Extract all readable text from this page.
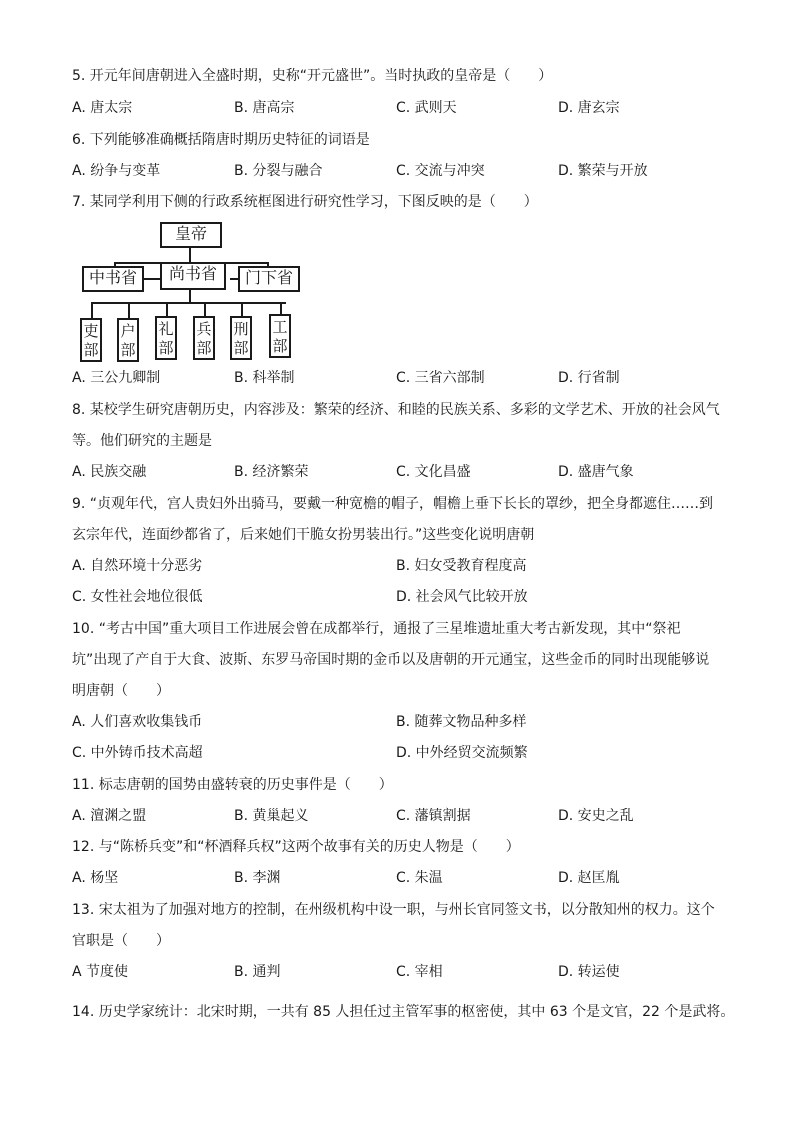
5. 开元年间唐朝进入全盛时期，史称“开元盛世”。当时执政的皇帝是（　　）
A. 唐太宗	B. 唐高宗	C. 武则天	D. 唐玄宗
6. 下列能够准确概括隋唐时期历史特征的词语是
A. 纷争与变革	B. 分裂与融合	C. 交流与冲突	D. 繁荣与开放
7. 某同学利用下侧的行政系统框图进行研究性学习，下图反映的是（　　）
皇帝
中书省	尚书省	门下省
吏
部
户
部
礼
部
兵
部
刑
部
工
部
A. 三公九卿制	B. 科举制	C. 三省六部制	D. 行省制
8. 某校学生研究唐朝历史，内容涉及：繁荣的经济、和睦的民族关系、多彩的文学艺术、开放的社会风气
等。他们研究的主题是
A. 民族交融	B. 经济繁荣	C. 文化昌盛	D. 盛唐气象
9. “贞观年代，宫人贵妇外出骑马，要戴一种宽檐的帽子，帽檐上垂下长长的罩纱，把全身都遮住……到
玄宗年代，连面纱都省了，后来她们干脆女扮男装出行。”这些变化说明唐朝
A. 自然环境十分恶劣	B. 妇女受教育程度高
C. 女性社会地位很低	D. 社会风气比较开放
10. “考古中国”重大项目工作进展会曾在成都举行，通报了三星堆遗址重大考古新发现，其中“祭祀
坑”出现了产自于大食、波斯、东罗马帝国时期的金币以及唐朝的开元通宝，这些金币的同时出现能够说
明唐朝（　　）
A. 人们喜欢收集钱币	B. 随葬文物品种多样
C. 中外铸币技术高超	D. 中外经贸交流频繁
11. 标志唐朝的国势由盛转衰的历史事件是（　　）
A. 澶渊之盟	B. 黄巢起义	C. 藩镇割据	D. 安史之乱
12. 与“陈桥兵变”和“杯酒释兵权”这两个故事有关的历史人物是（　　）
A. 杨坚	B. 李渊	C. 朱温	D. 赵匡胤
13. 宋太祖为了加强对地方的控制，在州级机构中设一职，与州长官同签文书，以分散知州的权力。这个
官职是（　　）
A 节度使	B. 通判	C. 宰相	D. 转运使
14. 历史学家统计：北宋时期，一共有 85 人担任过主管军事的枢密使，其中 63 个是文官，22 个是武将。
